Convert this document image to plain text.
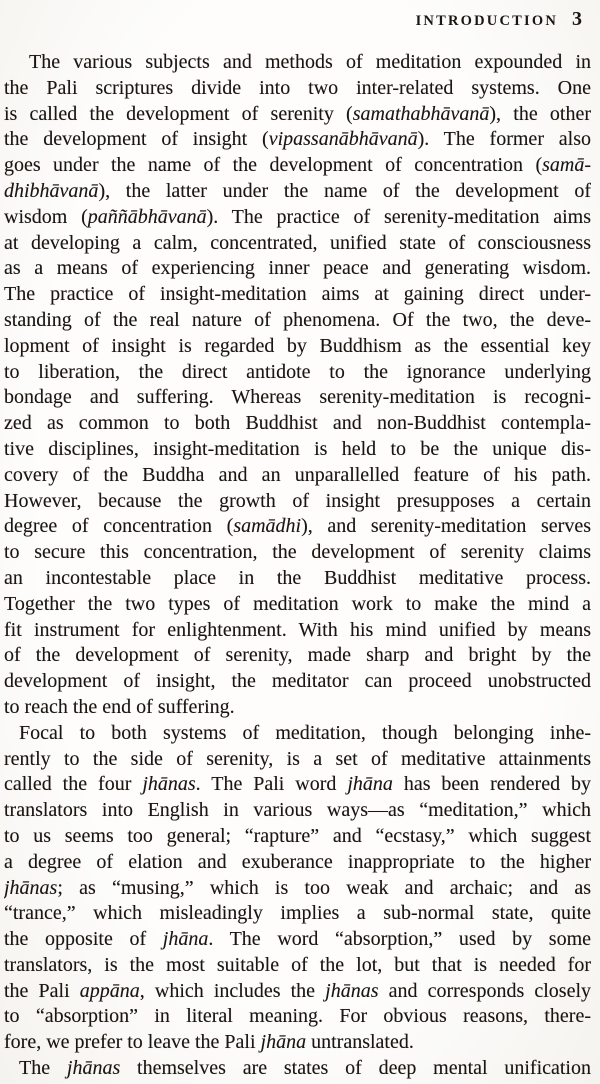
INTRODUCTION 3
The various subjects and methods of meditation expounded in
the Pali scriptures divide into two inter-related systems. One
is called the development of serenity (samathabhāvanā), the other
the development of insight (vipassanābhāvanā). The former also
goes under the name of the development of concentration (samā-
dhibhāvanā), the latter under the name of the development of
wisdom (paññābhāvanā). The practice of serenity-meditation aims
at developing a calm, concentrated, unified state of consciousness
as a means of experiencing inner peace and generating wisdom.
The practice of insight-meditation aims at gaining direct under-
standing of the real nature of phenomena. Of the two, the deve-
lopment of insight is regarded by Buddhism as the essential key
to liberation, the direct antidote to the ignorance underlying
bondage and suffering. Whereas serenity-meditation is recogni-
zed as common to both Buddhist and non-Buddhist contempla-
tive disciplines, insight-meditation is held to be the unique dis-
covery of the Buddha and an unparallelled feature of his path.
However, because the growth of insight presupposes a certain
degree of concentration (samādhi), and serenity-meditation serves
to secure this concentration, the development of serenity claims
an incontestable place in the Buddhist meditative process.
Together the two types of meditation work to make the mind a
fit instrument for enlightenment. With his mind unified by means
of the development of serenity, made sharp and bright by the
development of insight, the meditator can proceed unobstructed
to reach the end of suffering.
Focal to both systems of meditation, though belonging inhe-
rently to the side of serenity, is a set of meditative attainments
called the four jhānas. The Pali word jhāna has been rendered by
translators into English in various ways—as “meditation,” which
to us seems too general; “rapture” and “ecstasy,” which suggest
a degree of elation and exuberance inappropriate to the higher
jhānas; as “musing,” which is too weak and archaic; and as
“trance,” which misleadingly implies a sub-normal state, quite
the opposite of jhāna. The word “absorption,” used by some
translators, is the most suitable of the lot, but that is needed for
the Pali appāna, which includes the jhānas and corresponds closely
to “absorption” in literal meaning. For obvious reasons, there-
fore, we prefer to leave the Pali jhāna untranslated.
The jhānas themselves are states of deep mental unification
